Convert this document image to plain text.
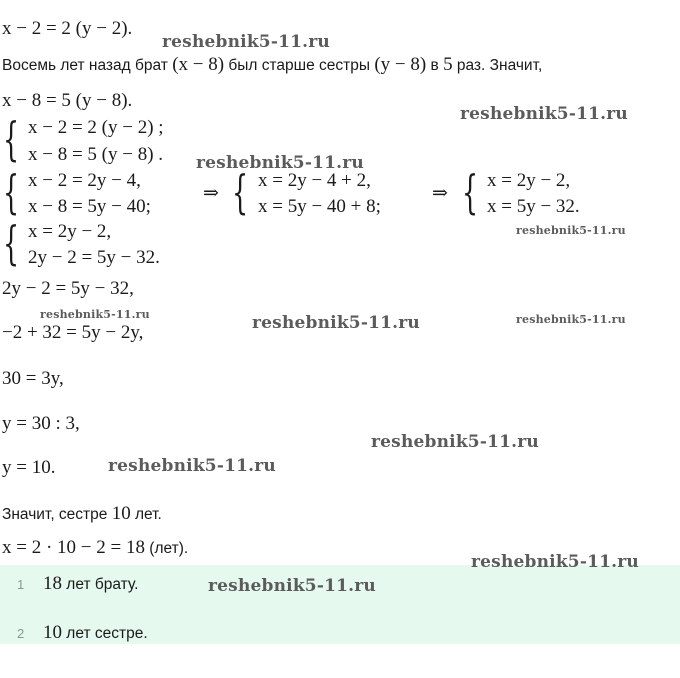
x − 2 = 2 (y − 2).
Восемь лет назад брат (x − 8) был старше сестры (y − 8) в 5 раз. Значит,
x − 8 = 5 (y − 8).
{ x − 2 = 2 (y − 2) ;
x − 8 = 5 (y − 8) .
{ x − 2 = 2y − 4,
x − 8 = 5y − 40;
⇒ { x = 2y − 4 + 2,
x = 5y − 40 + 8;
⇒ { x = 2y − 2,
x = 5y − 32.
{ x = 2y − 2,
2y − 2 = 5y − 32.
2y − 2 = 5y − 32,
−2 + 32 = 5y − 2y,
30 = 3y,
y = 30 : 3,
y = 10.
Значит, сестре 10 лет.
x = 2 · 10 − 2 = 18 (лет).
1 18 лет брату.
2 10 лет сестре.
reshebnik5-11.ru
reshebnik5-11.ru
reshebnik5-11.ru
reshebnik5-11.ru
reshebnik5-11.ru	reshebnik5-11.ru	reshebnik5-11.ru
reshebnik5-11.ru
reshebnik5-11.ru
reshebnik5-11.ru
reshebnik5-11.ru
